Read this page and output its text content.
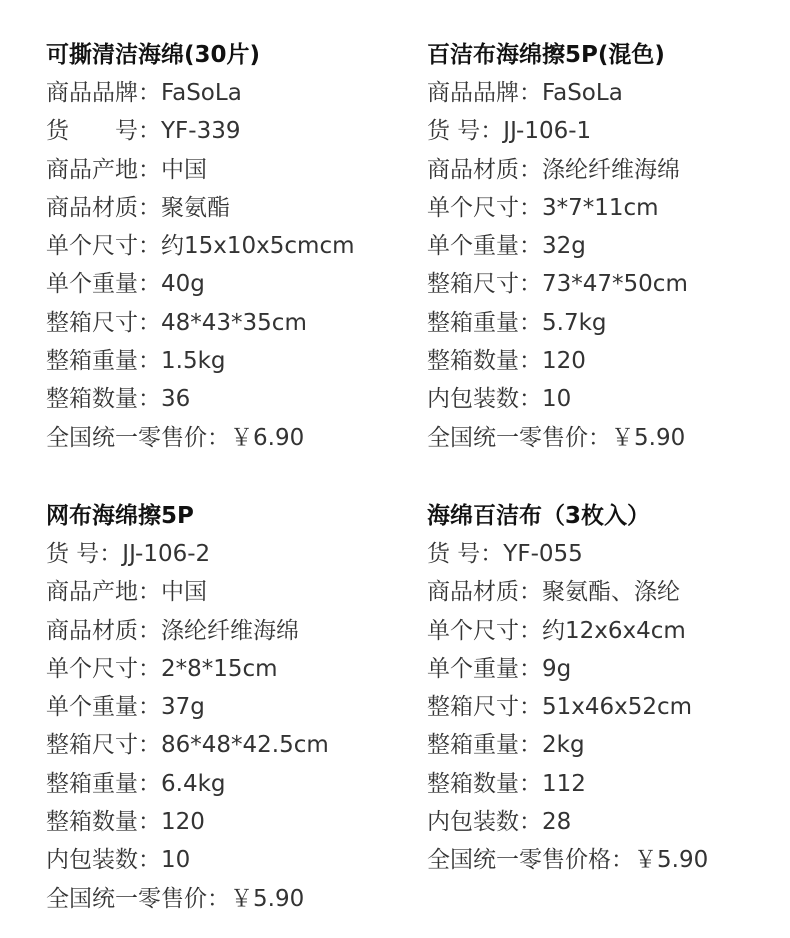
可撕清洁海绵(30片)
商品品牌：FaSoLa
货　　号：YF-339
商品产地：中国
商品材质：聚氨酯
单个尺寸：约15x10x5cmcm
单个重量：40g
整箱尺寸：48*43*35cm
整箱重量：1.5kg
整箱数量：36
全国统一零售价：￥6.90
百洁布海绵擦5P(混色)
商品品牌：FaSoLa
货 号：JJ-106-1
商品材质：涤纶纤维海绵
单个尺寸：3*7*11cm
单个重量：32g
整箱尺寸：73*47*50cm
整箱重量：5.7kg
整箱数量：120
内包装数：10
全国统一零售价：￥5.90
网布海绵擦5P
货 号：JJ-106-2
商品产地：中国
商品材质：涤纶纤维海绵
单个尺寸：2*8*15cm
单个重量：37g
整箱尺寸：86*48*42.5cm
整箱重量：6.4kg
整箱数量：120
内包装数：10
全国统一零售价：￥5.90
海绵百洁布（3枚入）
货 号：YF-055
商品材质：聚氨酯、涤纶
单个尺寸：约12x6x4cm
单个重量：9g
整箱尺寸：51x46x52cm
整箱重量：2kg
整箱数量：112
内包装数：28
全国统一零售价格：￥5.90
